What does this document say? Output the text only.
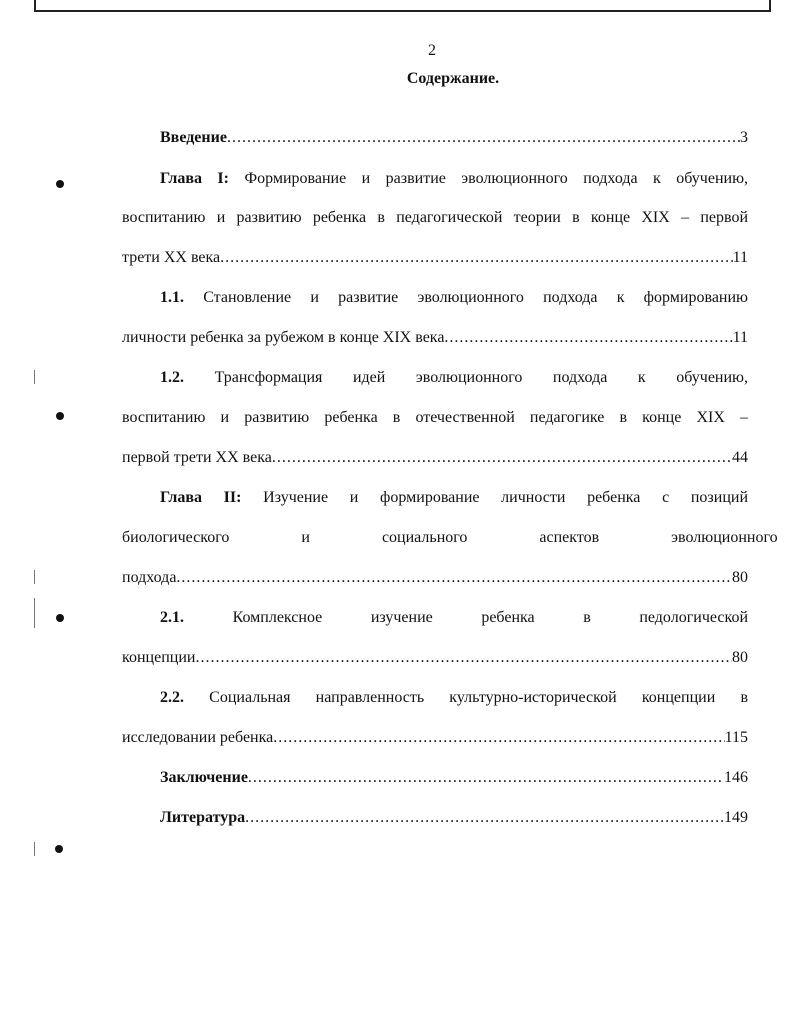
2
Содержание.
Введение .....	3
Глава I: Формирование и развитие эволюционного подхода к обучению,
воспитанию и развитию ребенка в педагогической теории в конце XIX – первой
трети XX века .....	11
1.1. Становление и развитие эволюционного подхода к формированию
личности ребенка за рубежом в конце XIX века .....	11
1.2. Трансформация идей эволюционного подхода к обучению,
воспитанию и развитию ребенка в отечественной педагогике в конце XIX –
первой трети XX века .....	44
Глава II: Изучение и формирование личности ребенка с позиций
биологического и социального аспектов эволюционного
подхода .....	80
2.1.	Комплексное изучение ребенка в педологической
концепции .....	80
2.2. Социальная направленность культурно-исторической концепции в
исследовании ребенка .....	115
Заключение .....	146
Литература .....	149
